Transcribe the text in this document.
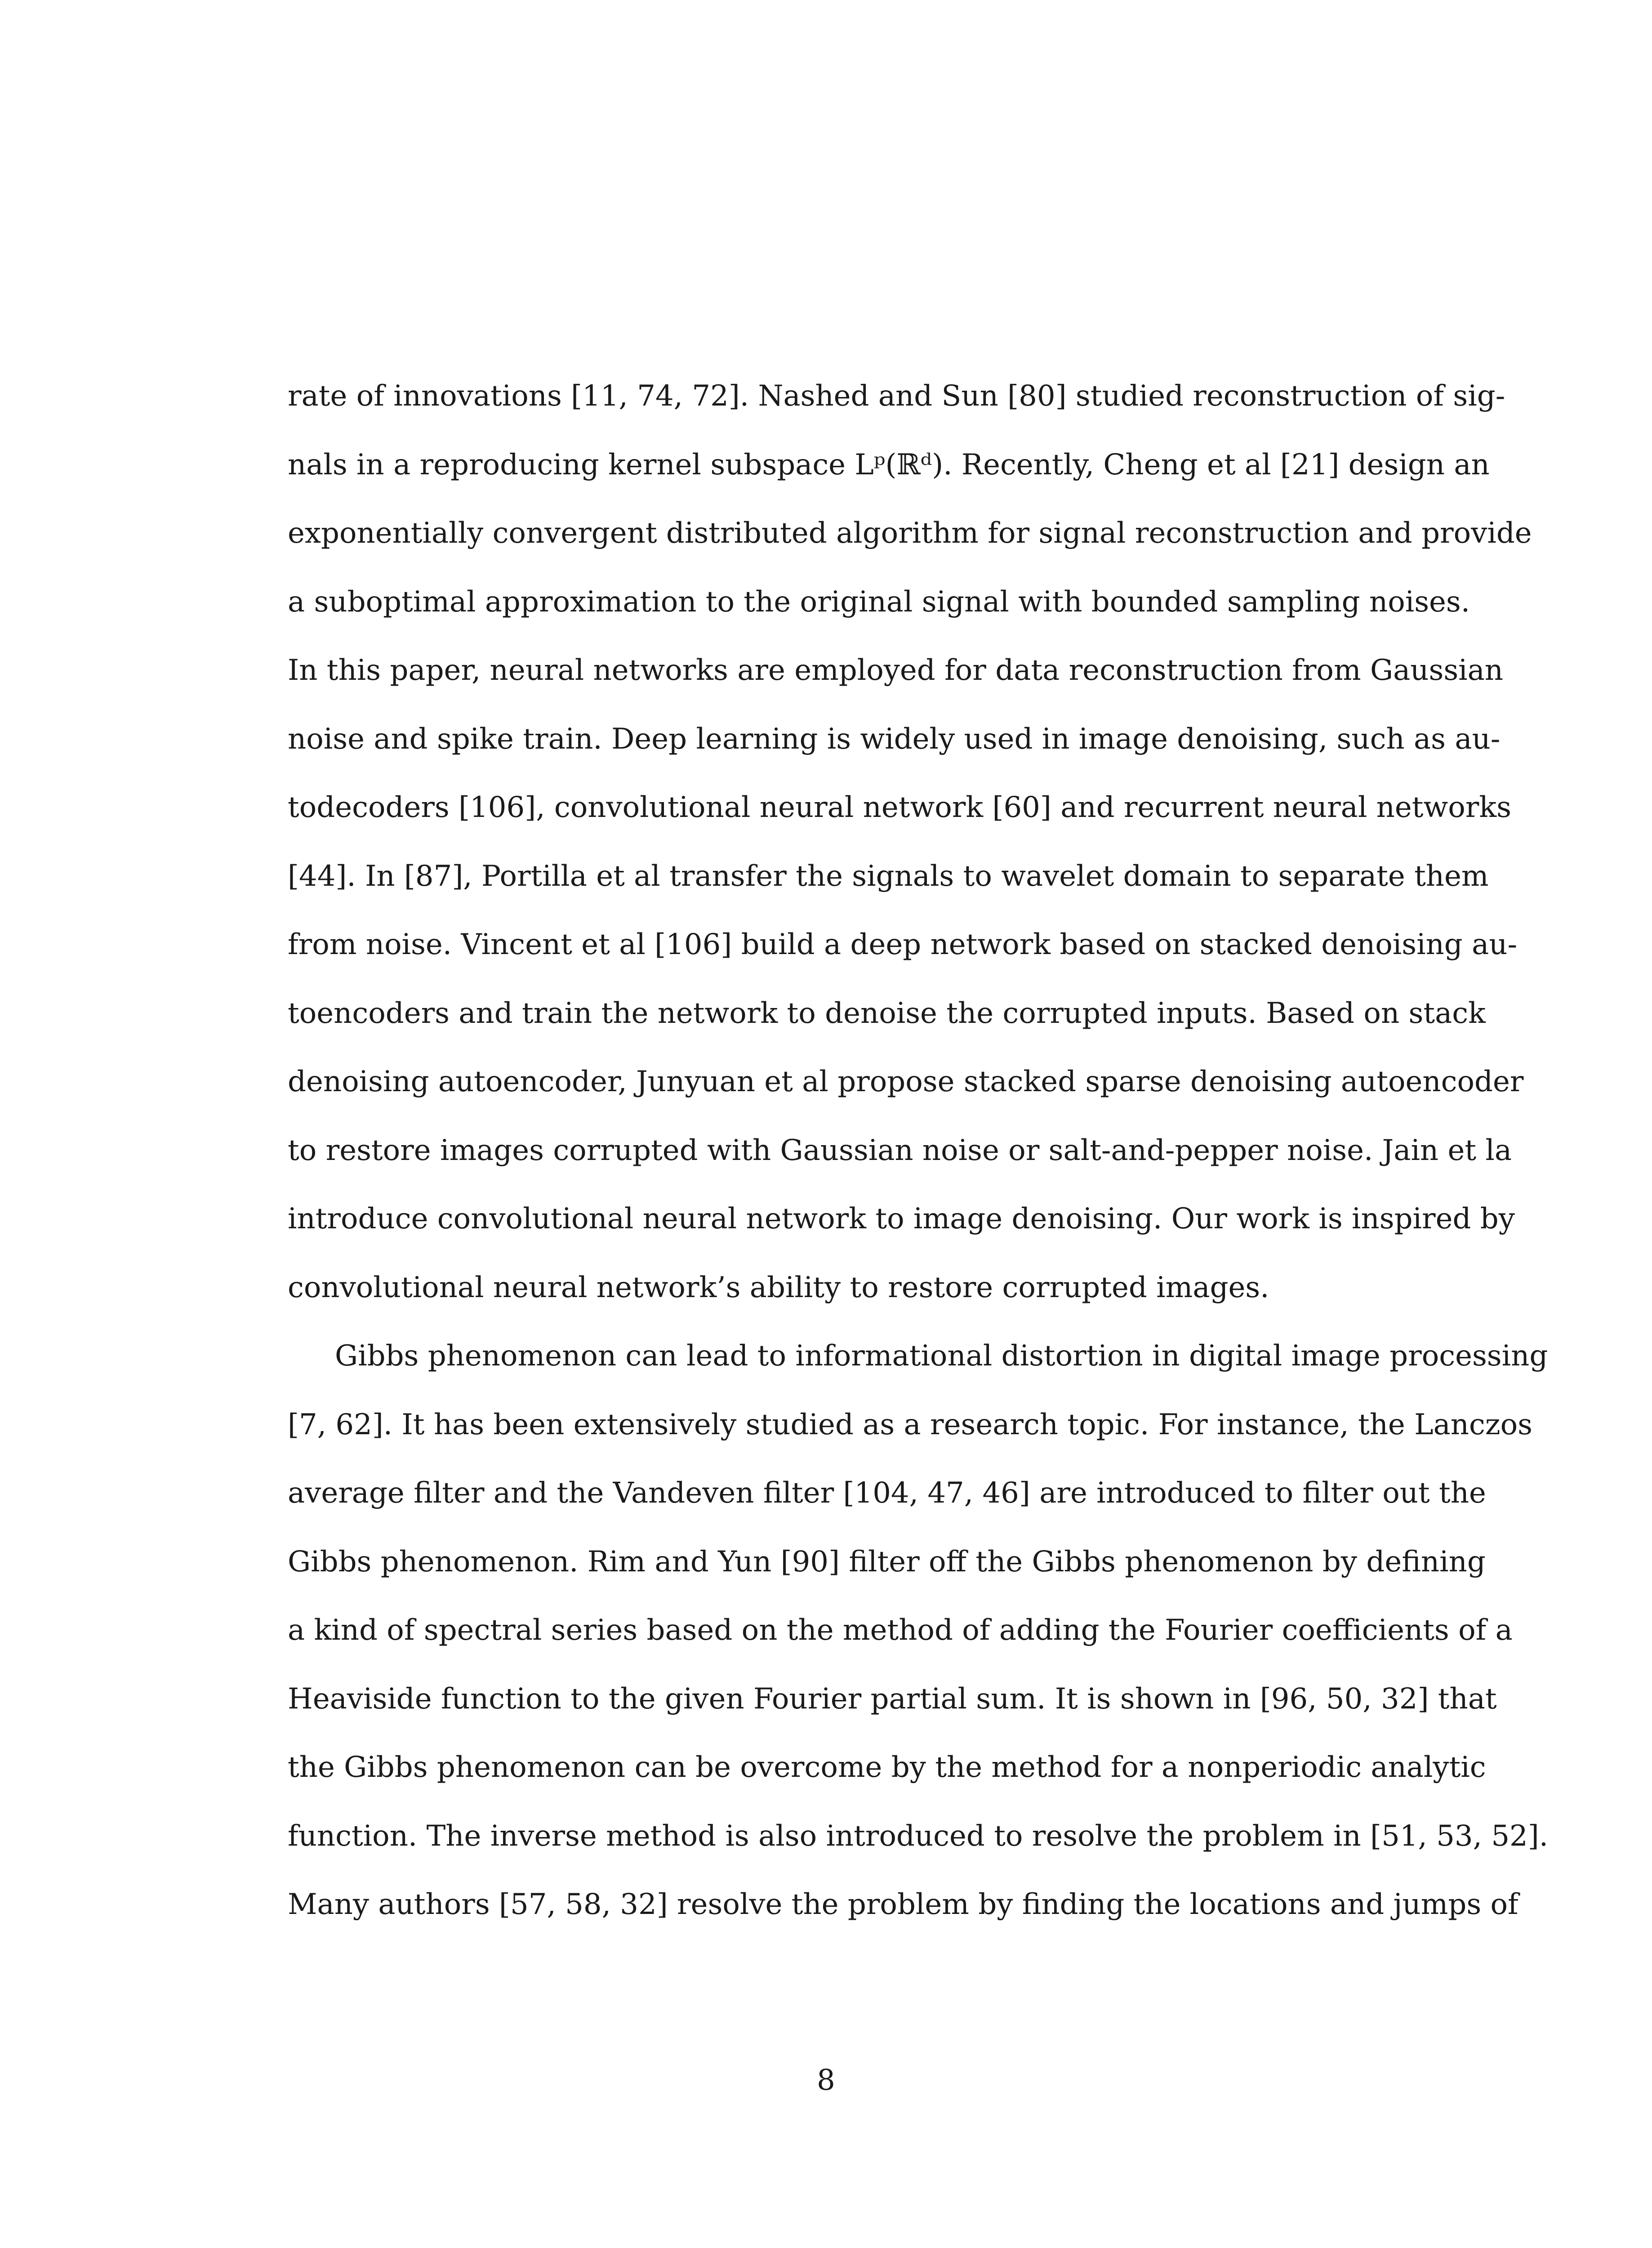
rate of innovations [11, 74, 72]. Nashed and Sun [80] studied reconstruction of sig-
nals in a reproducing kernel subspace Lᵖ(ℝᵈ). Recently, Cheng et al [21] design an
exponentially convergent distributed algorithm for signal reconstruction and provide
a suboptimal approximation to the original signal with bounded sampling noises.
In this paper, neural networks are employed for data reconstruction from Gaussian
noise and spike train. Deep learning is widely used in image denoising, such as au-
todecoders [106], convolutional neural network [60] and recurrent neural networks
[44]. In [87], Portilla et al transfer the signals to wavelet domain to separate them
from noise. Vincent et al [106] build a deep network based on stacked denoising au-
toencoders and train the network to denoise the corrupted inputs. Based on stack
denoising autoencoder, Junyuan et al propose stacked sparse denoising autoencoder
to restore images corrupted with Gaussian noise or salt-and-pepper noise. Jain et la
introduce convolutional neural network to image denoising. Our work is inspired by
convolutional neural network’s ability to restore corrupted images.
Gibbs phenomenon can lead to informational distortion in digital image processing
[7, 62]. It has been extensively studied as a research topic. For instance, the Lanczos
average filter and the Vandeven filter [104, 47, 46] are introduced to filter out the
Gibbs phenomenon. Rim and Yun [90] filter off the Gibbs phenomenon by defining
a kind of spectral series based on the method of adding the Fourier coefficients of a
Heaviside function to the given Fourier partial sum. It is shown in [96, 50, 32] that
the Gibbs phenomenon can be overcome by the method for a nonperiodic analytic
function. The inverse method is also introduced to resolve the problem in [51, 53, 52].
Many authors [57, 58, 32] resolve the problem by finding the locations and jumps of
8
